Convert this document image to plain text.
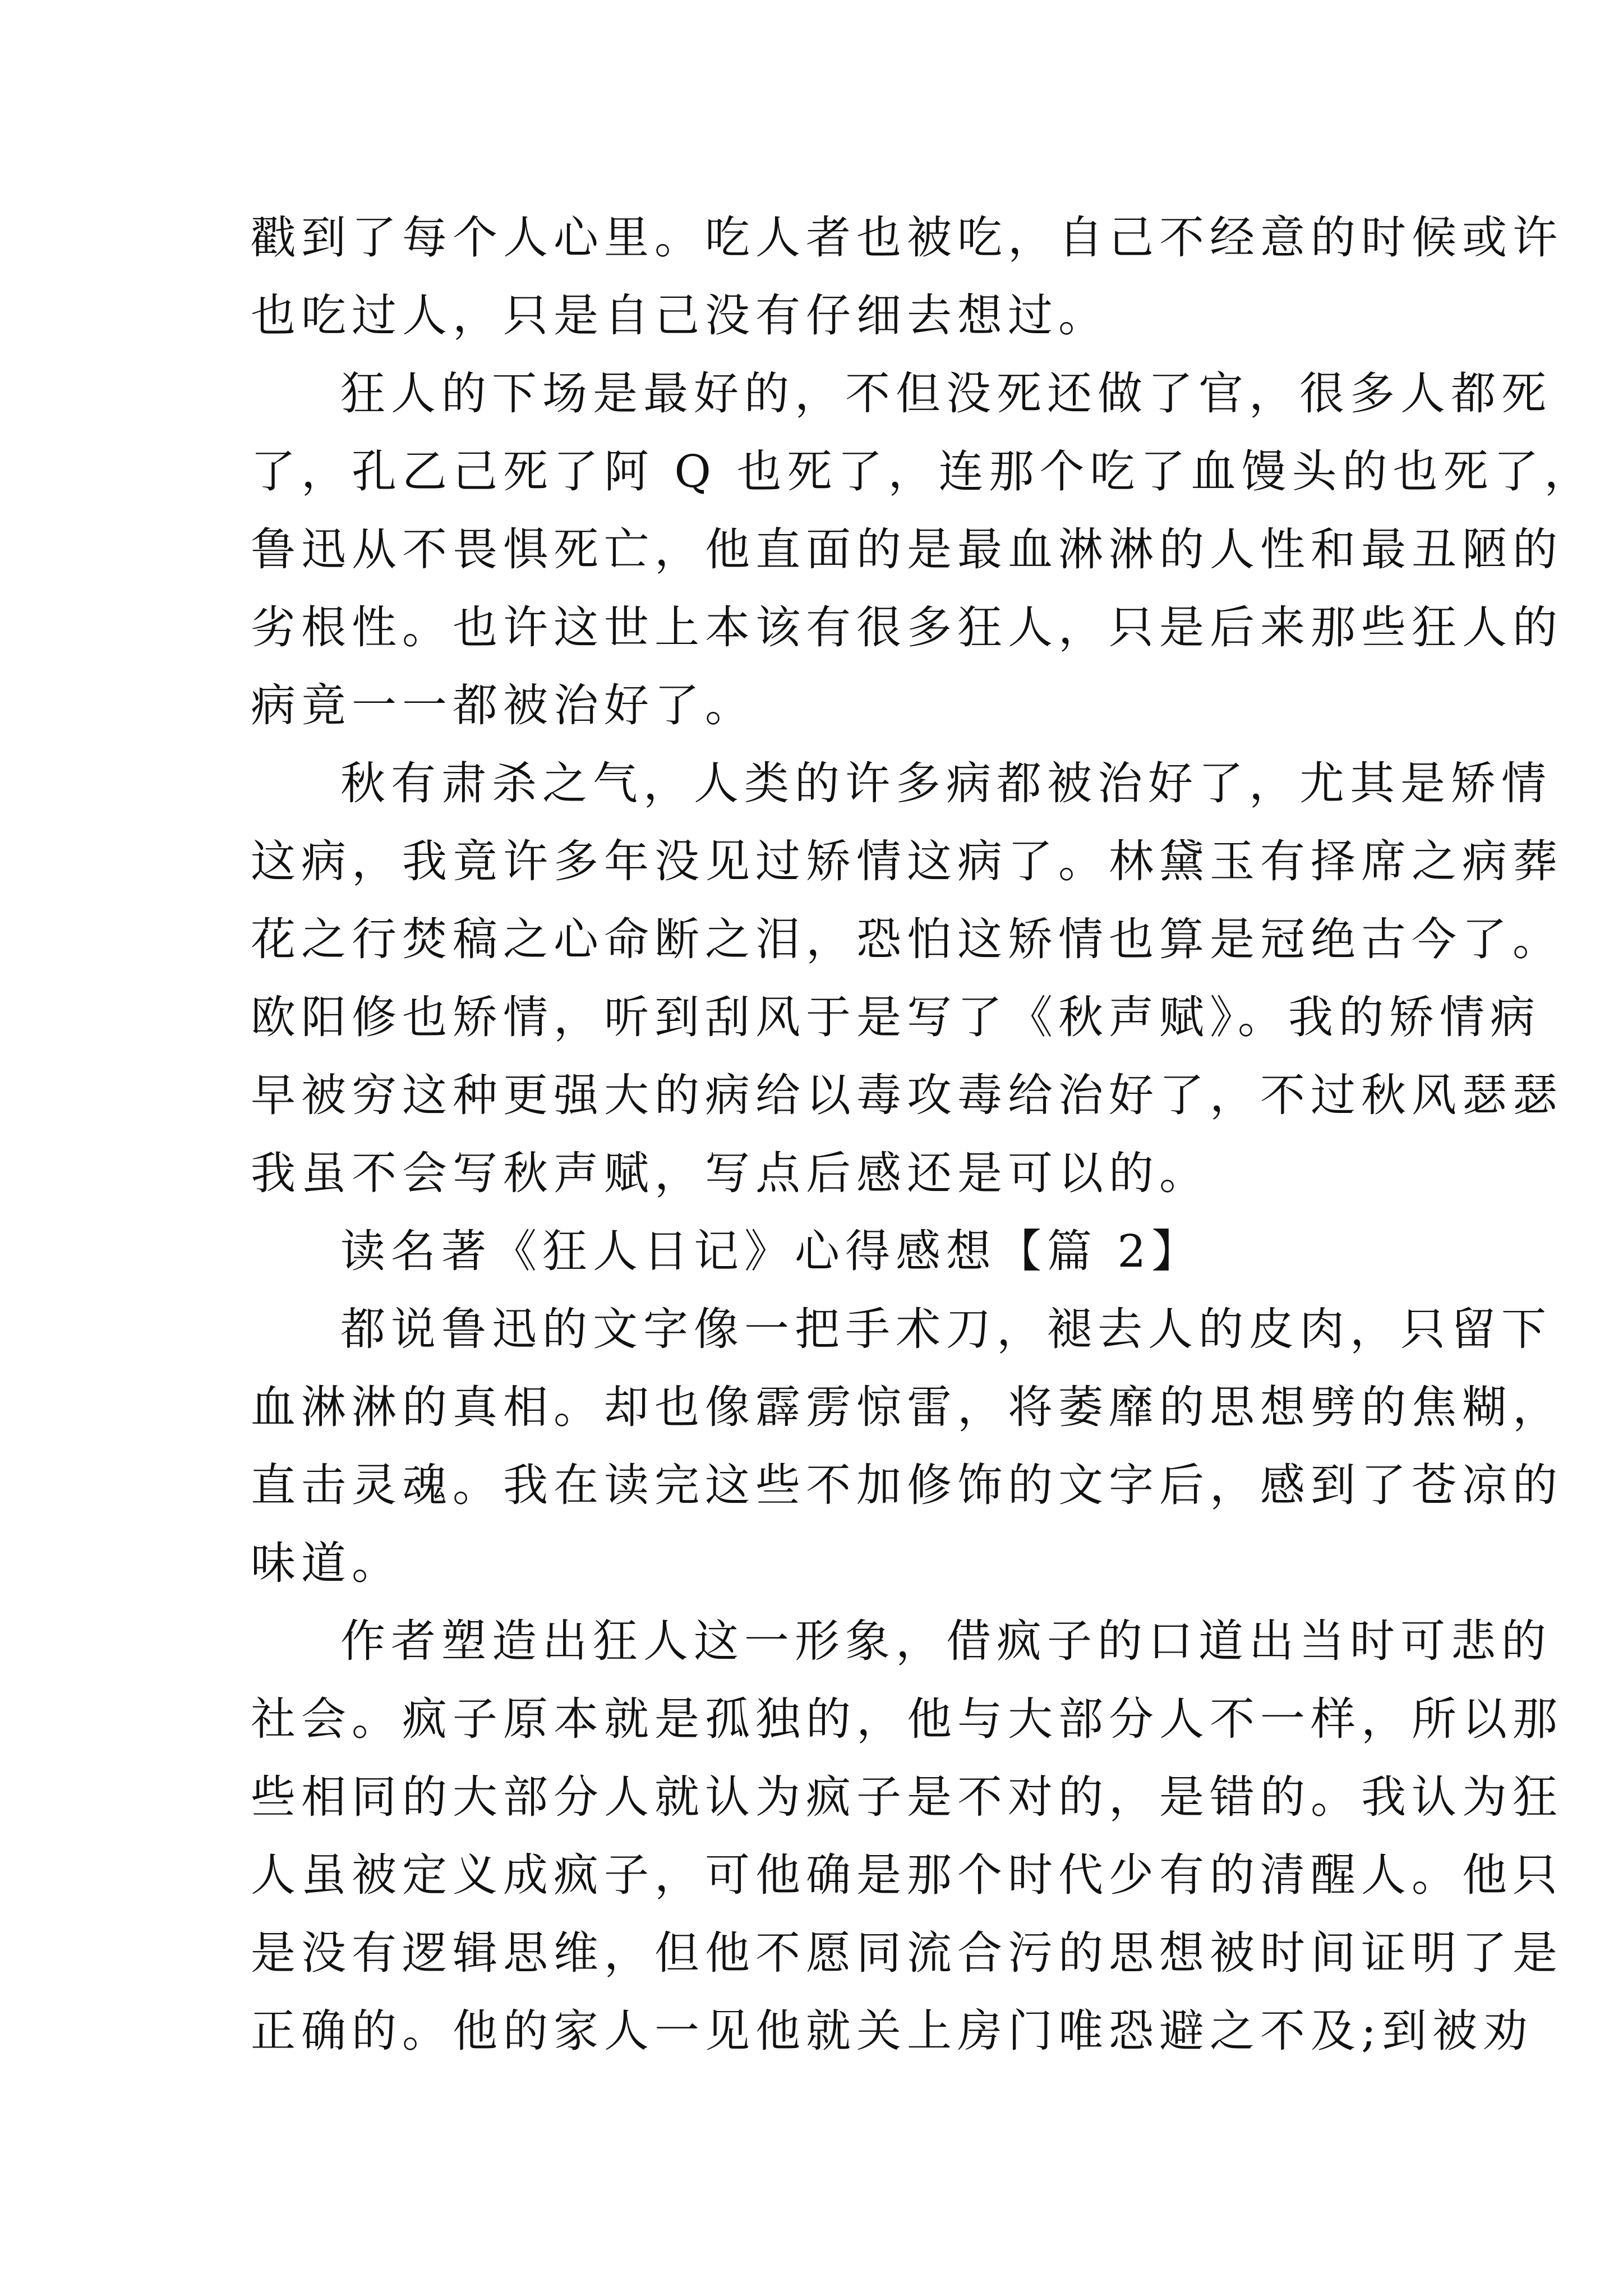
戳到了每个人心里。吃人者也被吃，自己不经意的时候或许
也吃过人，只是自己没有仔细去想过。
狂人的下场是最好的，不但没死还做了官，很多人都死
了，孔乙己死了阿 Q 也死了，连那个吃了血馒头的也死了，
鲁迅从不畏惧死亡，他直面的是最血淋淋的人性和最丑陋的
劣根性。也许这世上本该有很多狂人，只是后来那些狂人的
病竟一一都被治好了。
秋有肃杀之气，人类的许多病都被治好了，尤其是矫情
这病，我竟许多年没见过矫情这病了。林黛玉有择席之病葬
花之行焚稿之心命断之泪，恐怕这矫情也算是冠绝古今了。
欧阳修也矫情，听到刮风于是写了《秋声赋》。我的矫情病
早被穷这种更强大的病给以毒攻毒给治好了，不过秋风瑟瑟
我虽不会写秋声赋，写点后感还是可以的。
读名著《狂人日记》心得感想【篇 2】
都说鲁迅的文字像一把手术刀，褪去人的皮肉，只留下
血淋淋的真相。却也像霹雳惊雷，将萎靡的思想劈的焦糊，
直击灵魂。我在读完这些不加修饰的文字后，感到了苍凉的
味道。
作者塑造出狂人这一形象，借疯子的口道出当时可悲的
社会。疯子原本就是孤独的，他与大部分人不一样，所以那
些相同的大部分人就认为疯子是不对的，是错的。我认为狂
人虽被定义成疯子，可他确是那个时代少有的清醒人。他只
是没有逻辑思维，但他不愿同流合污的思想被时间证明了是
正确的。他的家人一见他就关上房门唯恐避之不及;到被劝
